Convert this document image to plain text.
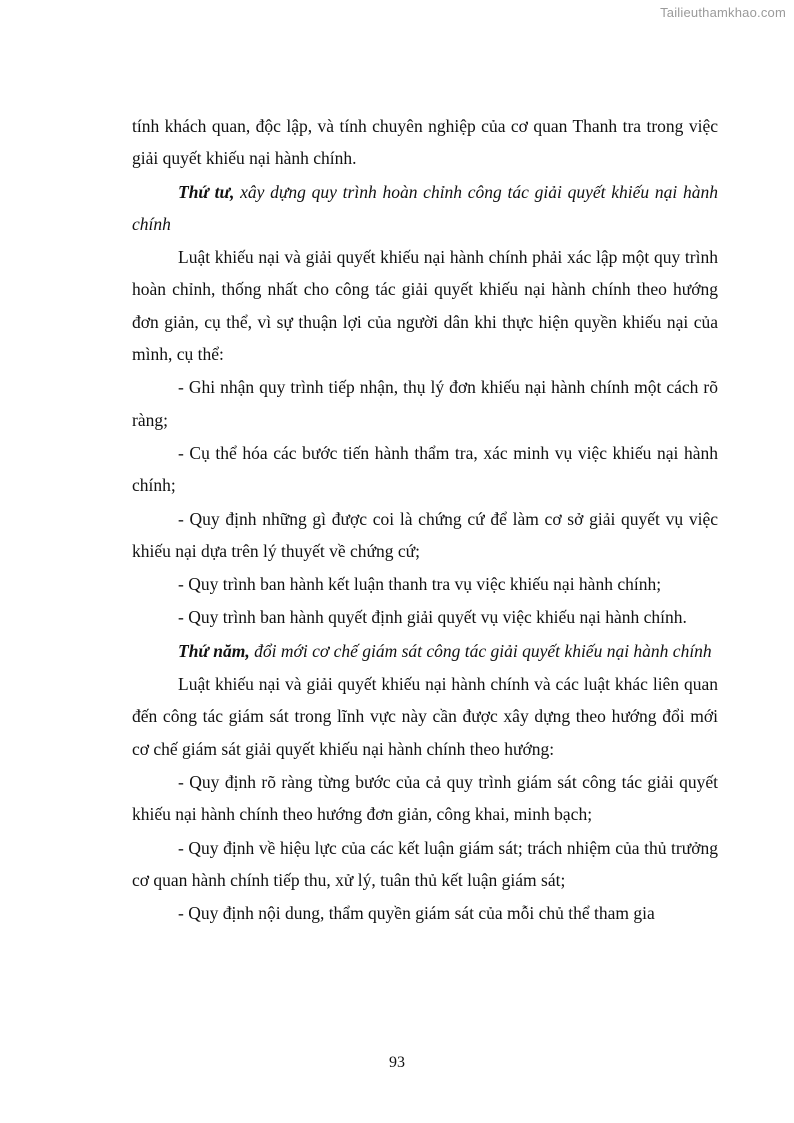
Tailieuthamkhao.com

tính khách quan, độc lập, và tính chuyên nghiệp của cơ quan Thanh tra trong việc giải quyết khiếu nại hành chính.

Thứ tư, xây dựng quy trình hoàn chỉnh công tác giải quyết khiếu nại hành chính

Luật khiếu nại và giải quyết khiếu nại hành chính phải xác lập một quy trình hoàn chỉnh, thống nhất cho công tác giải quyết khiếu nại hành chính theo hướng đơn giản, cụ thể, vì sự thuận lợi của người dân khi thực hiện quyền khiếu nại của mình, cụ thể:

- Ghi nhận quy trình tiếp nhận, thụ lý đơn khiếu nại hành chính một cách rõ ràng;

- Cụ thể hóa các bước tiến hành thẩm tra, xác minh vụ việc khiếu nại hành chính;

- Quy định những gì được coi là chứng cứ để làm cơ sở giải quyết vụ việc khiếu nại dựa trên lý thuyết về chứng cứ;

- Quy trình ban hành kết luận thanh tra vụ việc khiếu nại hành chính;

- Quy trình ban hành quyết định giải quyết vụ việc khiếu nại hành chính.

Thứ năm, đổi mới cơ chế giám sát công tác giải quyết khiếu nại hành chính

Luật khiếu nại và giải quyết khiếu nại hành chính và các luật khác liên quan đến công tác giám sát trong lĩnh vực này cần được xây dựng theo hướng đổi mới cơ chế giám sát giải quyết khiếu nại hành chính theo hướng:

- Quy định rõ ràng từng bước của cả quy trình giám sát công tác giải quyết khiếu nại hành chính theo hướng đơn giản, công khai, minh bạch;

- Quy định về hiệu lực của các kết luận giám sát; trách nhiệm của thủ trưởng cơ quan hành chính tiếp thu, xử lý, tuân thủ kết luận giám sát;

- Quy định nội dung, thẩm quyền giám sát của mỗi chủ thể tham gia

93
